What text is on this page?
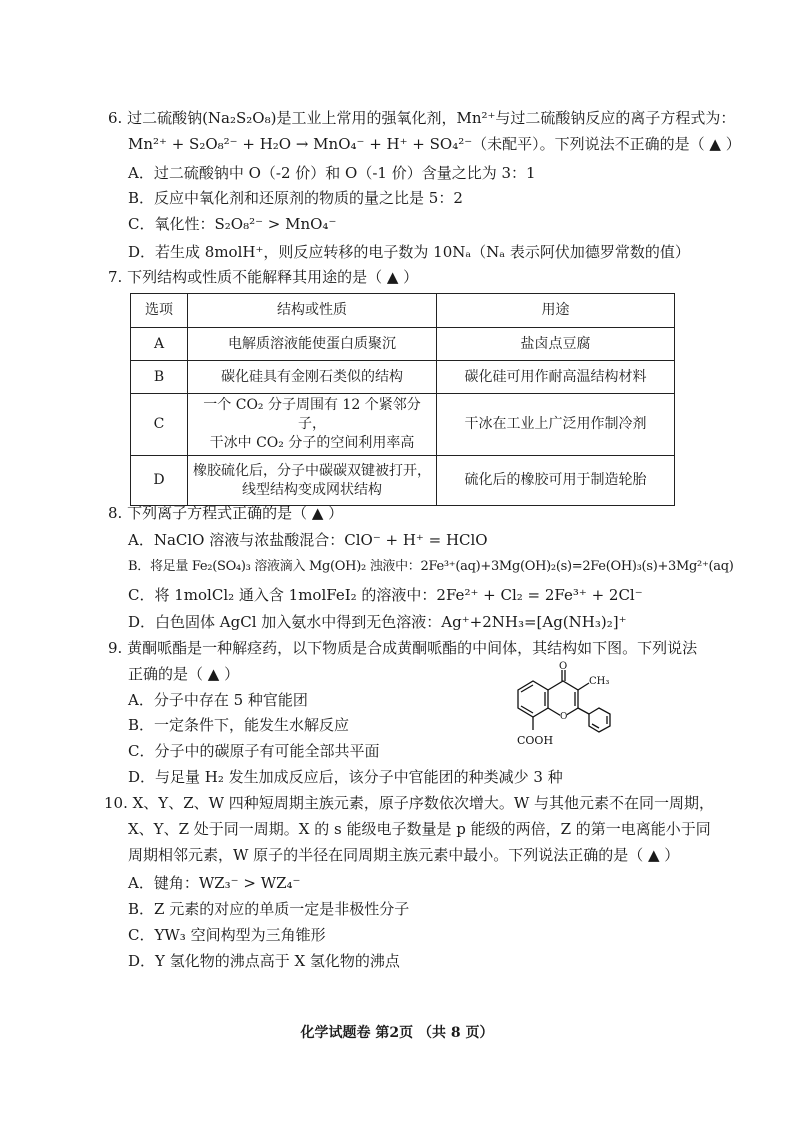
6. 过二硫酸钠(Na₂S₂O₈)是工业上常用的强氧化剂，Mn²⁺与过二硫酸钠反应的离子方程式为：
Mn²⁺ + S₂O₈²⁻ + H₂O → MnO₄⁻ + H⁺ + SO₄²⁻（未配平）。下列说法不正确的是（ ▲ ）
A．过二硫酸钠中 O（-2 价）和 O（-1 价）含量之比为 3：1
B．反应中氧化剂和还原剂的物质的量之比是 5：2
C．氧化性：S₂O₈²⁻ > MnO₄⁻
D．若生成 8molH⁺，则反应转移的电子数为 10Nₐ（Nₐ 表示阿伏加德罗常数的值）
7. 下列结构或性质不能解释其用途的是（ ▲ ）
选项	结构或性质	用途
A	电解质溶液能使蛋白质聚沉	盐卤点豆腐
B	碳化硅具有金刚石类似的结构	碳化硅可用作耐高温结构材料
C	一个 CO₂ 分子周围有 12 个紧邻分子，
干冰中 CO₂ 分子的空间利用率高	干冰在工业上广泛用作制冷剂
D	橡胶硫化后，分子中碳碳双键被打开，
线型结构变成网状结构	硫化后的橡胶可用于制造轮胎
8. 下列离子方程式正确的是（ ▲ ）
A．NaClO 溶液与浓盐酸混合：ClO⁻ + H⁺ = HClO
B．将足量 Fe₂(SO₄)₃ 溶液滴入 Mg(OH)₂ 浊液中：2Fe³⁺(aq)+3Mg(OH)₂(s)=2Fe(OH)₃(s)+3Mg²⁺(aq)
C．将 1molCl₂ 通入含 1molFeI₂ 的溶液中：2Fe²⁺ + Cl₂ = 2Fe³⁺ + 2Cl⁻
D．白色固体 AgCl 加入氨水中得到无色溶液：Ag⁺+2NH₃=[Ag(NH₃)₂]⁺
9. 黄酮哌酯是一种解痉药，以下物质是合成黄酮哌酯的中间体，其结构如下图。下列说法
正确的是（ ▲ ）
A．分子中存在 5 种官能团
B．一定条件下，能发生水解反应
C．分子中的碳原子有可能全部共平面
D．与足量 H₂ 发生加成反应后，该分子中官能团的种类减少 3 种
O
O
CH₃
COOH
10. X、Y、Z、W 四种短周期主族元素，原子序数依次增大。W 与其他元素不在同一周期，
X、Y、Z 处于同一周期。X 的 s 能级电子数量是 p 能级的两倍，Z 的第一电离能小于同
周期相邻元素，W 原子的半径在同周期主族元素中最小。下列说法正确的是（ ▲ ）
A．键角：WZ₃⁻ > WZ₄⁻
B．Z 元素的对应的单质一定是非极性分子
C．YW₃ 空间构型为三角锥形
D．Y 氢化物的沸点高于 X 氢化物的沸点
化学试题卷 第2页 （共 8 页）
